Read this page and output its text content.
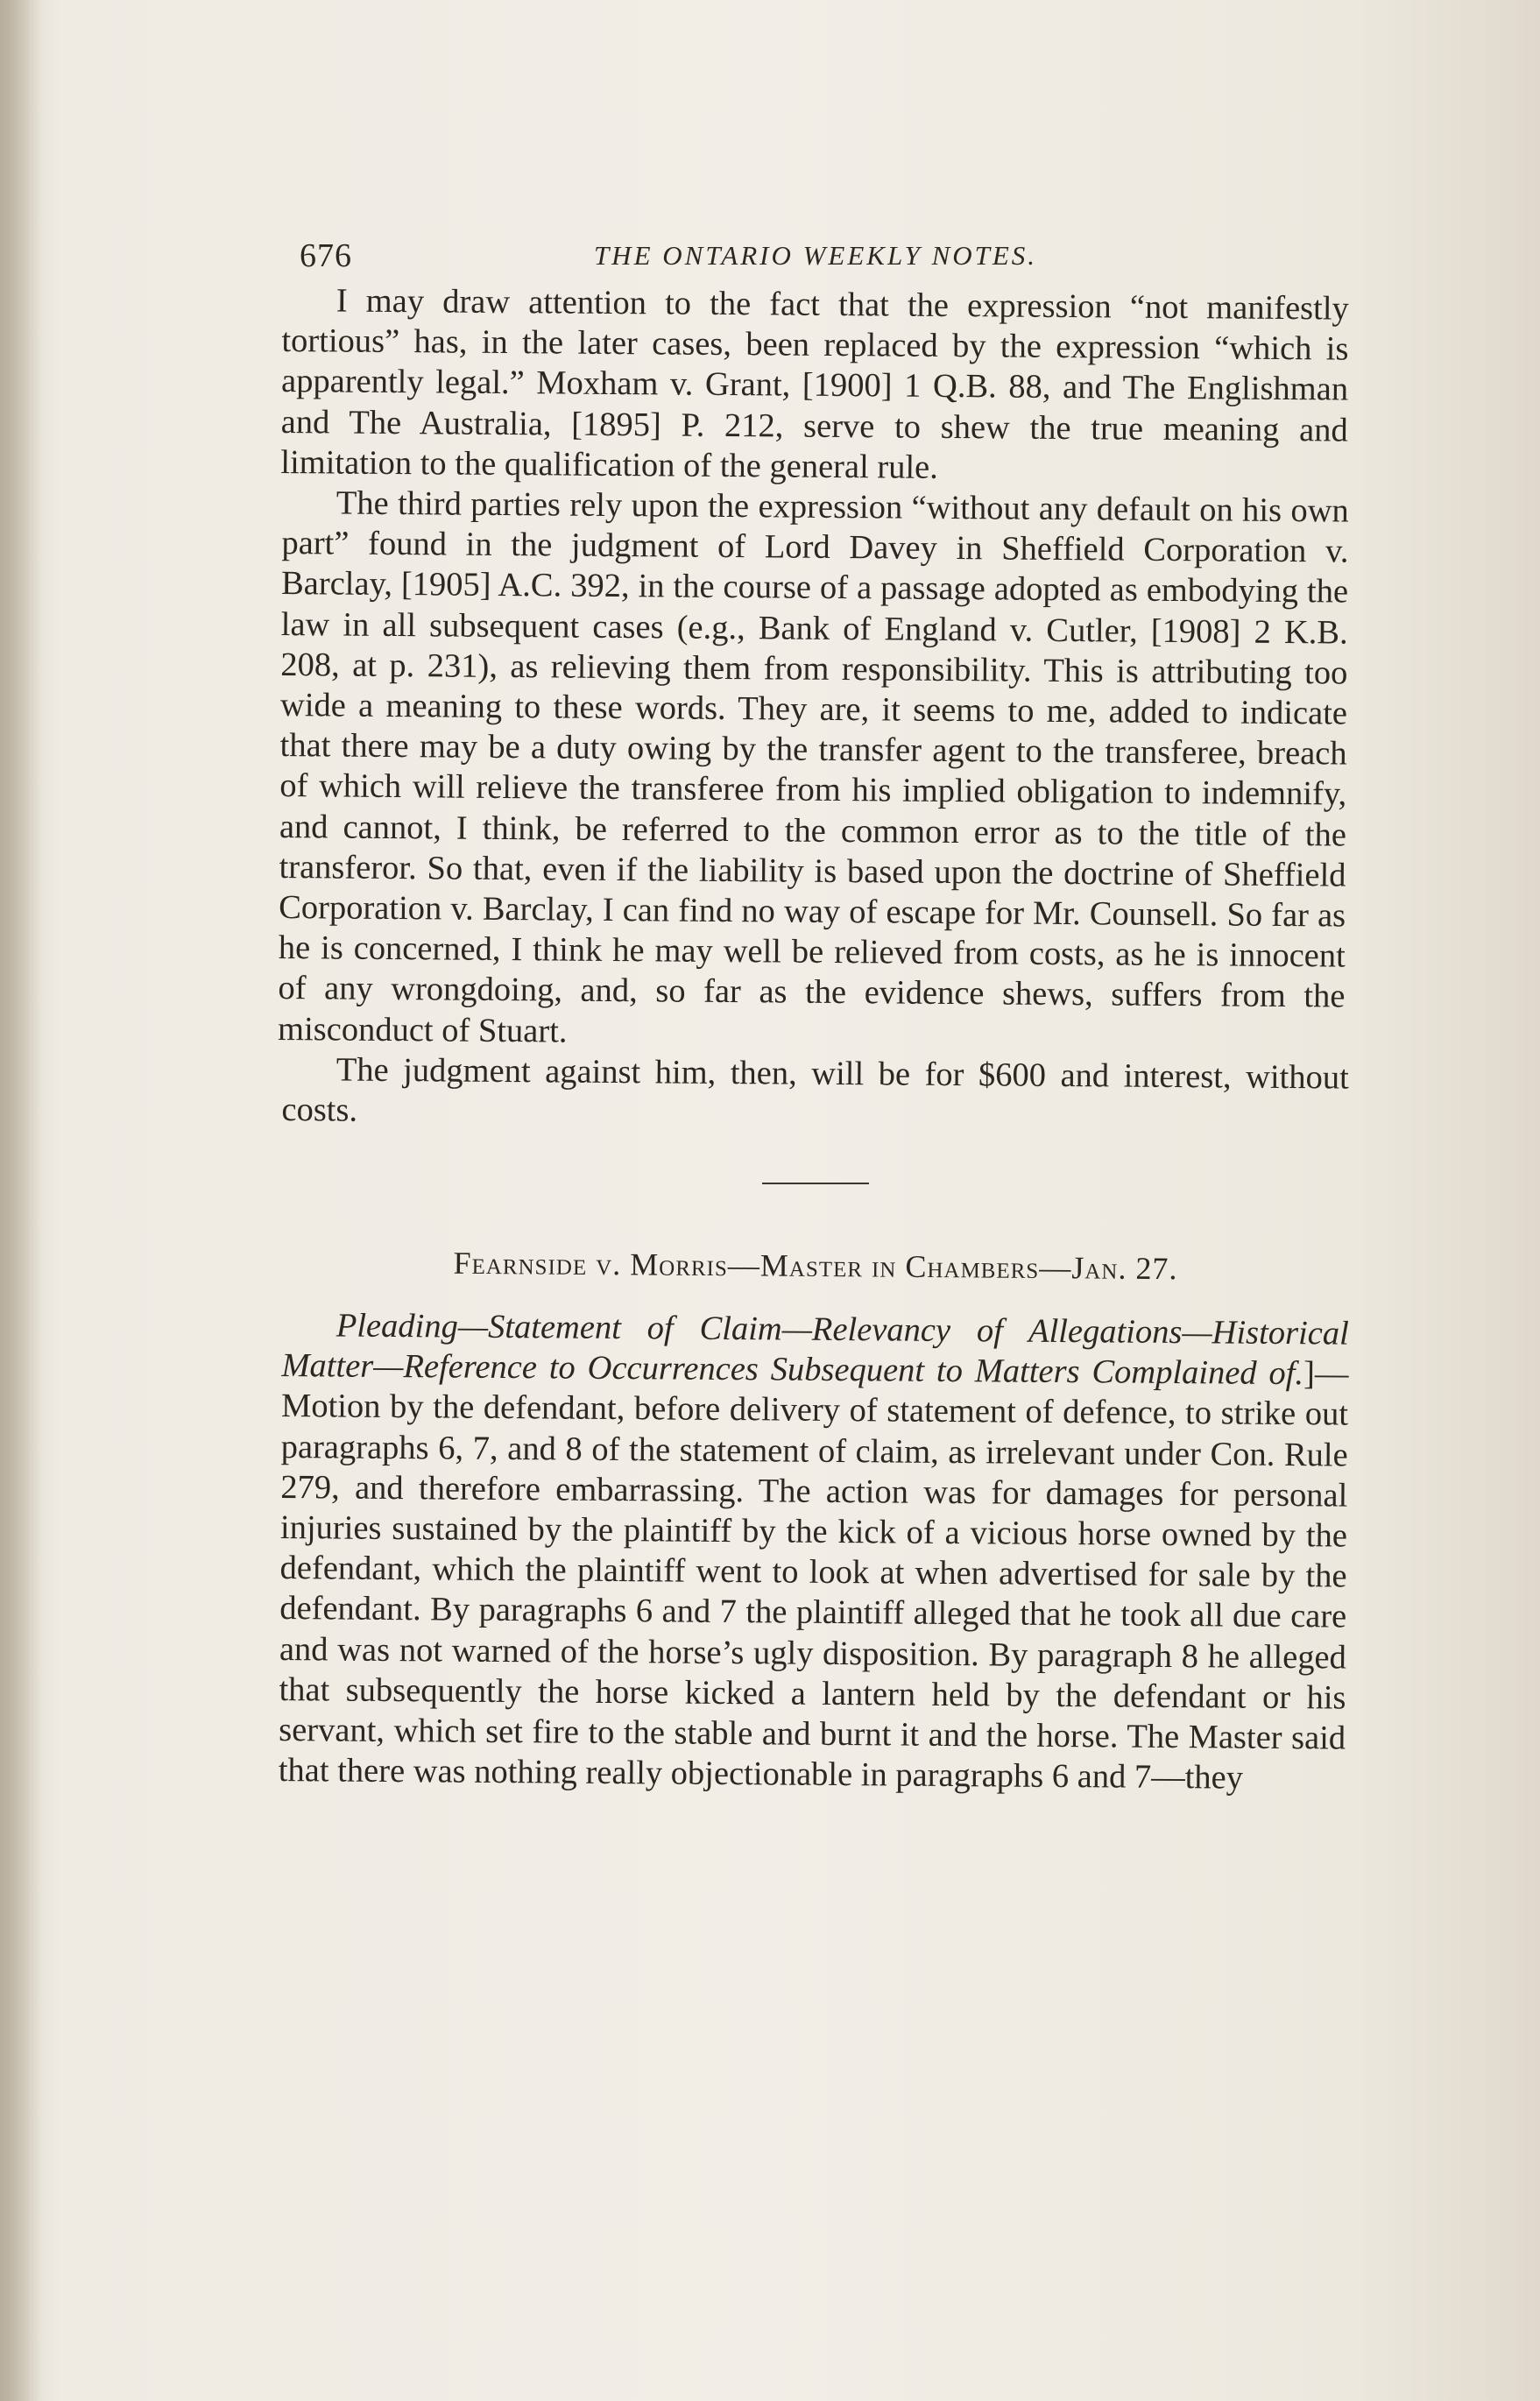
676	THE ONTARIO WEEKLY NOTES.

I may draw attention to the fact that the expression “not manifestly tortious” has, in the later cases, been replaced by the expression “which is apparently legal.” Moxham v. Grant, [1900] 1 Q.B. 88, and The Englishman and The Australia, [1895] P. 212, serve to shew the true meaning and limitation to the qualification of the general rule.

The third parties rely upon the expression “without any default on his own part” found in the judgment of Lord Davey in Sheffield Corporation v. Barclay, [1905] A.C. 392, in the course of a passage adopted as embodying the law in all subsequent cases (e.g., Bank of England v. Cutler, [1908] 2 K.B. 208, at p. 231), as relieving them from responsibility. This is attributing too wide a meaning to these words. They are, it seems to me, added to indicate that there may be a duty owing by the transfer agent to the transferee, breach of which will relieve the transferee from his implied obligation to indemnify, and cannot, I think, be referred to the common error as to the title of the transferor. So that, even if the liability is based upon the doctrine of Sheffield Corporation v. Barclay, I can find no way of escape for Mr. Counsell. So far as he is concerned, I think he may well be relieved from costs, as he is innocent of any wrongdoing, and, so far as the evidence shews, suffers from the misconduct of Stuart.

The judgment against him, then, will be for $600 and interest, without costs.

Fearnside v. Morris—Master in Chambers—Jan. 27.

Pleading—Statement of Claim—Relevancy of Allegations—Historical Matter—Reference to Occurrences Subsequent to Matters Complained of.]—Motion by the defendant, before delivery of statement of defence, to strike out paragraphs 6, 7, and 8 of the statement of claim, as irrelevant under Con. Rule 279, and therefore embarrassing. The action was for damages for personal injuries sustained by the plaintiff by the kick of a vicious horse owned by the defendant, which the plaintiff went to look at when advertised for sale by the defendant. By paragraphs 6 and 7 the plaintiff alleged that he took all due care and was not warned of the horse’s ugly disposition. By paragraph 8 he alleged that subsequently the horse kicked a lantern held by the defendant or his servant, which set fire to the stable and burnt it and the horse. The Master said that there was nothing really objectionable in paragraphs 6 and 7—they
